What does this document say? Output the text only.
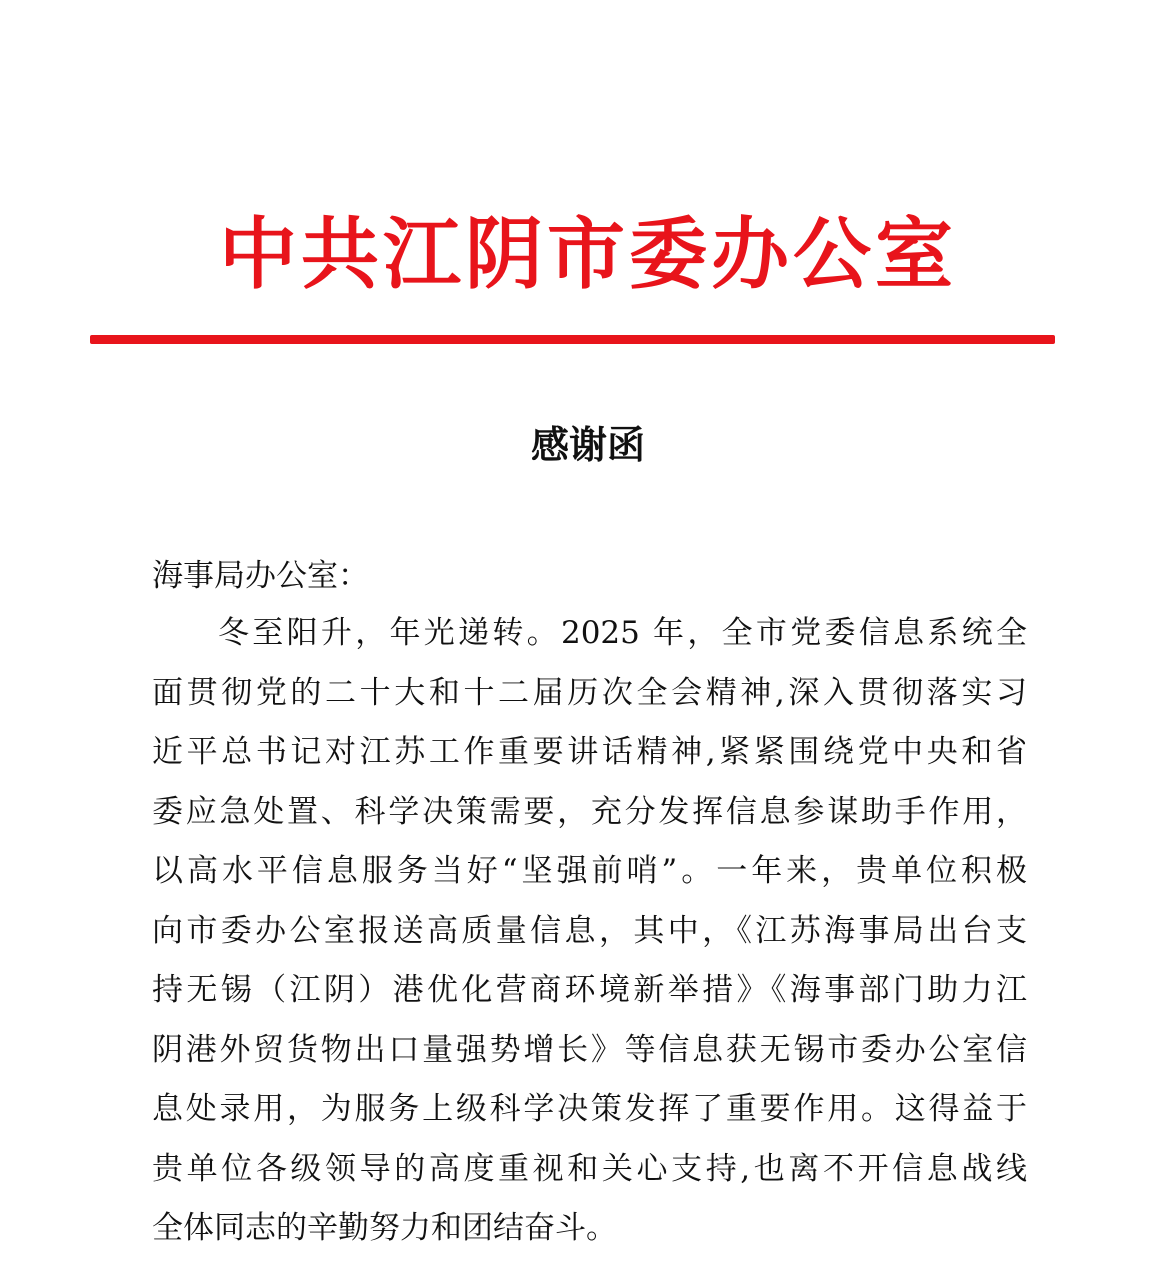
中共江阴市委办公室
感谢函
海事局办公室：
冬至阳升，年光递转。2025 年，全市党委信息系统全
面贯彻党的二十大和十二届历次全会精神,深入贯彻落实习
近平总书记对江苏工作重要讲话精神,紧紧围绕党中央和省
委应急处置、科学决策需要，充分发挥信息参谋助手作用，
以高水平信息服务当好“坚强前哨”。一年来，贵单位积极
向市委办公室报送高质量信息，其中，《江苏海事局出台支
持无锡（江阴）港优化营商环境新举措》《海事部门助力江
阴港外贸货物出口量强势增长》等信息获无锡市委办公室信
息处录用，为服务上级科学决策发挥了重要作用。这得益于
贵单位各级领导的高度重视和关心支持,也离不开信息战线
全体同志的辛勤努力和团结奋斗。
